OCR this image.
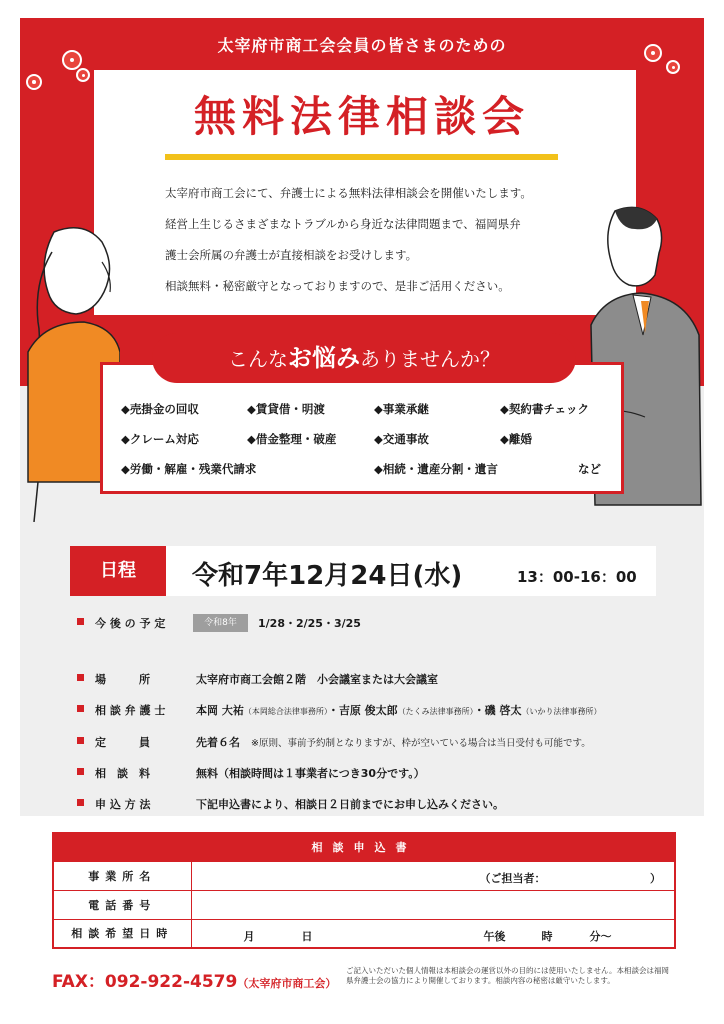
太宰府市商工会会員の皆さまのための
無料法律相談会

太宰府市商工会にて、弁護士による無料法律相談会を開催いたします。

経営上生じるさまざまなトラブルから身近な法律問題まで、福岡県弁

護士会所属の弁護士が直接相談をお受けします。

相談無料・秘密厳守となっておりますので、是非ご活用ください。

◆売掛金の回収	◆賃貸借・明渡	◆事業承継	◆契約書チェック
◆クレーム対応	◆借金整理・破産	◆交通事故	◆離婚
◆労働・解雇・残業代請求	◆相続・遺産分割・遺言	など
こんなお悩みありませんか？
日程	令和7年12月24日(水)	13：00-16：00
今 後 の 予 定	令和8年	1/28・2/25・3/25
場　　　所	太宰府市商工会館２階　小会議室または大会議室
相 談 弁 護 士	本岡 大祐（本岡総合法律事務所）・吉原 俊太郎（たくみ法律事務所）・磯 啓太（いかり法律事務所）
定　　　員	先着６名　 ※原則、事前予約制となりますが、枠が空いている場合は当日受付も可能です。
相　談　料	無料（相談時間は１事業者につき30分です。）
申 込 方 法	下記申込書により、相談日２日前までにお申し込みください。
相談申込書	
事業所名	（ご担当者：　　　　　　　　　　）

電話番号	
相談希望日時	月 日 午後 時 分～
FAX：092-922-4579（太宰府市商工会）
ご記入いただいた個人情報は本相談会の運営以外の目的には使用いたしません。本相談会は福岡県弁護士会の協力により開催しております。相談内容の秘密は厳守いたします。
